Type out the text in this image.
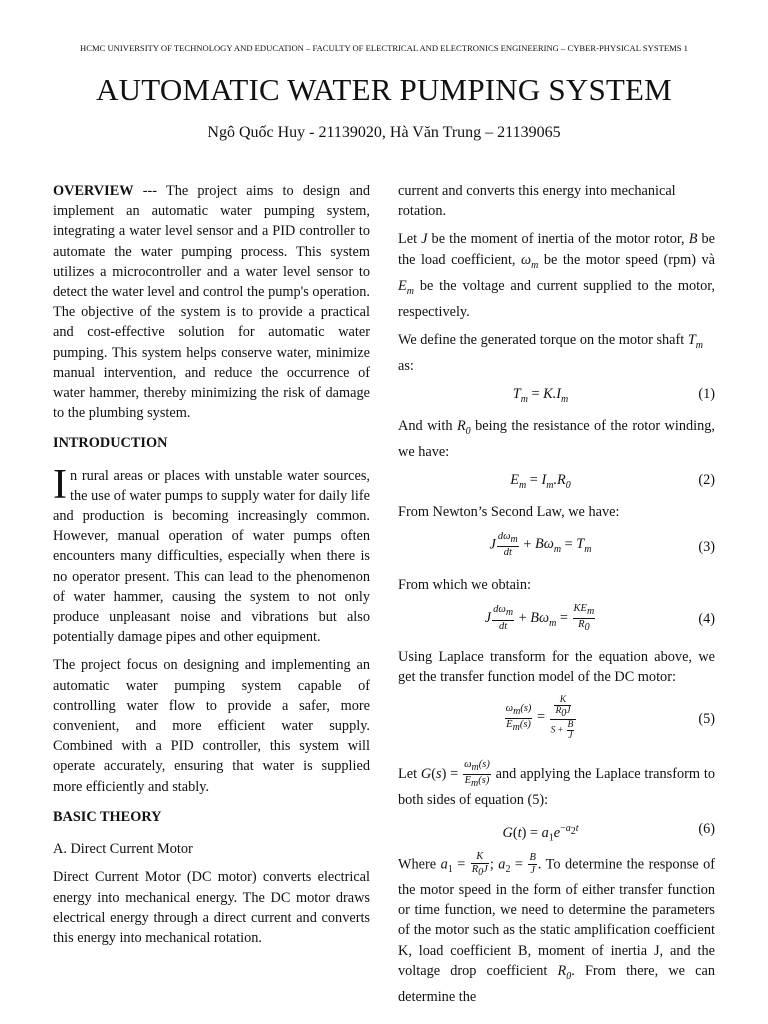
HCMC UNIVERSITY OF TECHNOLOGY AND EDUCATION – FACULTY OF ELECTRICAL AND ELECTRONICS ENGINEERING – CYBER-PHYSICAL SYSTEMS 1
AUTOMATIC WATER PUMPING SYSTEM
Ngô Quốc Huy - 21139020, Hà Văn Trung – 21139065

OVERVIEW --- The project aims to design and implement an automatic water pumping system, integrating a water level sensor and a PID controller to automate the water pumping process. This system utilizes a microcontroller and a water level sensor to detect the water level and control the pump's operation. The objective of the system is to provide a practical and cost-effective solution for automatic water pumping. This system helps conserve water, minimize manual intervention, and reduce the occurrence of water hammer, thereby minimizing the risk of damage to the plumbing system.

INTRODUCTION

In rural areas or places with unstable water sources, the use of water pumps to supply water for daily life and production is becoming increasingly common. However, manual operation of water pumps often encounters many difficulties, especially when there is no operator present. This can lead to the phenomenon of water hammer, causing the system to not only produce unpleasant noise and vibrations but also potentially damage pipes and other equipment.

The project focus on designing and implementing an automatic water pumping system capable of controlling water flow to provide a safer, more convenient, and more efficient water supply. Combined with a PID controller, this system will operate accurately, ensuring that water is supplied more efficiently and stably.

BASIC THEORY
A. Direct Current Motor

Direct Current Motor (DC motor) converts electrical energy into mechanical energy. The DC motor draws electrical energy through a direct current and converts this energy into mechanical rotation.

current and converts this energy into mechanical rotation.

Let J be the moment of inertia of the motor rotor, B be the load coefficient, $\omega_m$ be the motor speed (rpm) và $E_m$ be the voltage and current supplied to the motor, respectively.

We define the generated torque on the motor shaft $T_m$ as:

$T_m = K.I_m$	(1)

And with $R_0$ being the resistance of the rotor winding, we have:

$E_m = I_m.R_0$	(2)

From Newton’s Second Law, we have:

J $\frac{d\omega_m}{dt} + B\omega_m = T_m$	(3)

From which we obtain:

J $\frac{d\omega_m}{dt} + B\omega_m = \frac{KE_m}{R_0}$	(4)

Using Laplace transform for the equation above, we get the transfer function model of the DC motor:

$\frac{\omega_m(s)}{E_m(s)} = \frac{\frac{K}{R_0J}}{S + \frac{B}{J}}$	(5)

Let $G(s) = \frac{\omega_m(s)}{E_m(s)}$ and applying the Laplace transform to both sides of equation (5):

$G(t) = a_1e^{-a_2t}$	(6)

Where $a_1 = \frac{K}{R_0J}$ ; $a_2 = \frac{B}{J}$ . To determine the response of the motor speed in the form of either transfer function or time function, we need to determine the parameters of the motor such as the static amplification coefficient K, load coefficient B, moment of inertia J, and the voltage drop coefficient $R_0$. From there, we can determine the
